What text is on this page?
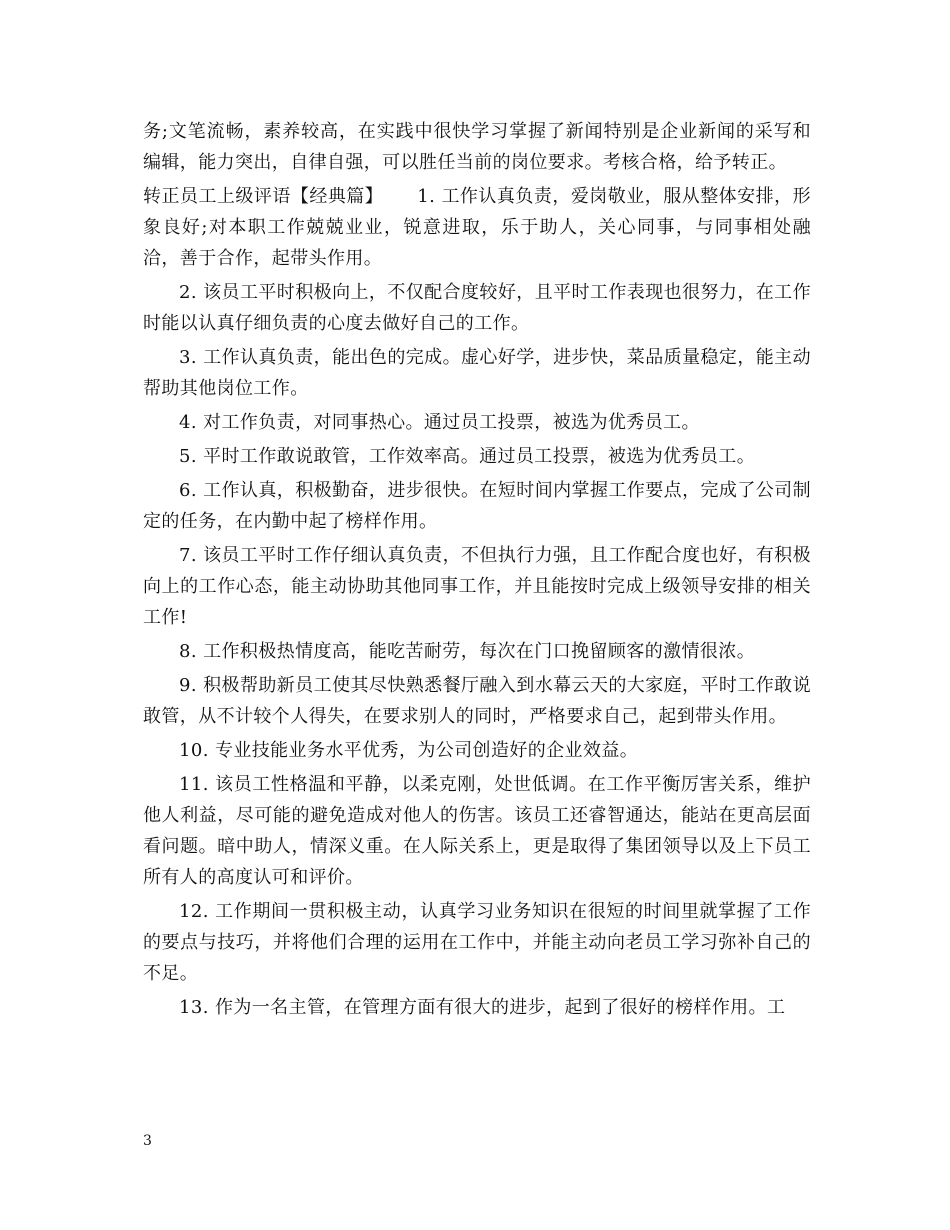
务;文笔流畅，素养较高，在实践中很快学习掌握了新闻特别是企业新闻的采写和编辑，能力突出，自律自强，可以胜任当前的岗位要求。考核合格，给予转正。

转正员工上级评语【经典篇】 1. 工作认真负责，爱岗敬业，服从整体安排，形象良好;对本职工作兢兢业业，锐意进取，乐于助人，关心同事，与同事相处融洽，善于合作，起带头作用。

2. 该员工平时积极向上，不仅配合度较好，且平时工作表现也很努力，在工作时能以认真仔细负责的心度去做好自己的工作。

3. 工作认真负责，能出色的完成。虚心好学，进步快，菜品质量稳定，能主动帮助其他岗位工作。

4. 对工作负责，对同事热心。通过员工投票，被选为优秀员工。

5. 平时工作敢说敢管，工作效率高。通过员工投票，被选为优秀员工。

6. 工作认真，积极勤奋，进步很快。在短时间内掌握工作要点，完成了公司制定的任务，在内勤中起了榜样作用。

7. 该员工平时工作仔细认真负责，不但执行力强，且工作配合度也好，有积极向上的工作心态，能主动协助其他同事工作，并且能按时完成上级领导安排的相关工作!

8. 工作积极热情度高，能吃苦耐劳，每次在门口挽留顾客的激情很浓。

9. 积极帮助新员工使其尽快熟悉餐厅融入到水幕云天的大家庭，平时工作敢说敢管，从不计较个人得失，在要求别人的同时，严格要求自己，起到带头作用。

10. 专业技能业务水平优秀，为公司创造好的企业效益。

11. 该员工性格温和平静，以柔克刚，处世低调。在工作平衡厉害关系，维护他人利益，尽可能的避免造成对他人的伤害。该员工还睿智通达，能站在更高层面看问题。暗中助人，情深义重。在人际关系上，更是取得了集团领导以及上下员工所有人的高度认可和评价。

12. 工作期间一贯积极主动，认真学习业务知识在很短的时间里就掌握了工作的要点与技巧，并将他们合理的运用在工作中，并能主动向老员工学习弥补自己的不足。

13. 作为一名主管，在管理方面有很大的进步，起到了很好的榜样作用。工

3
